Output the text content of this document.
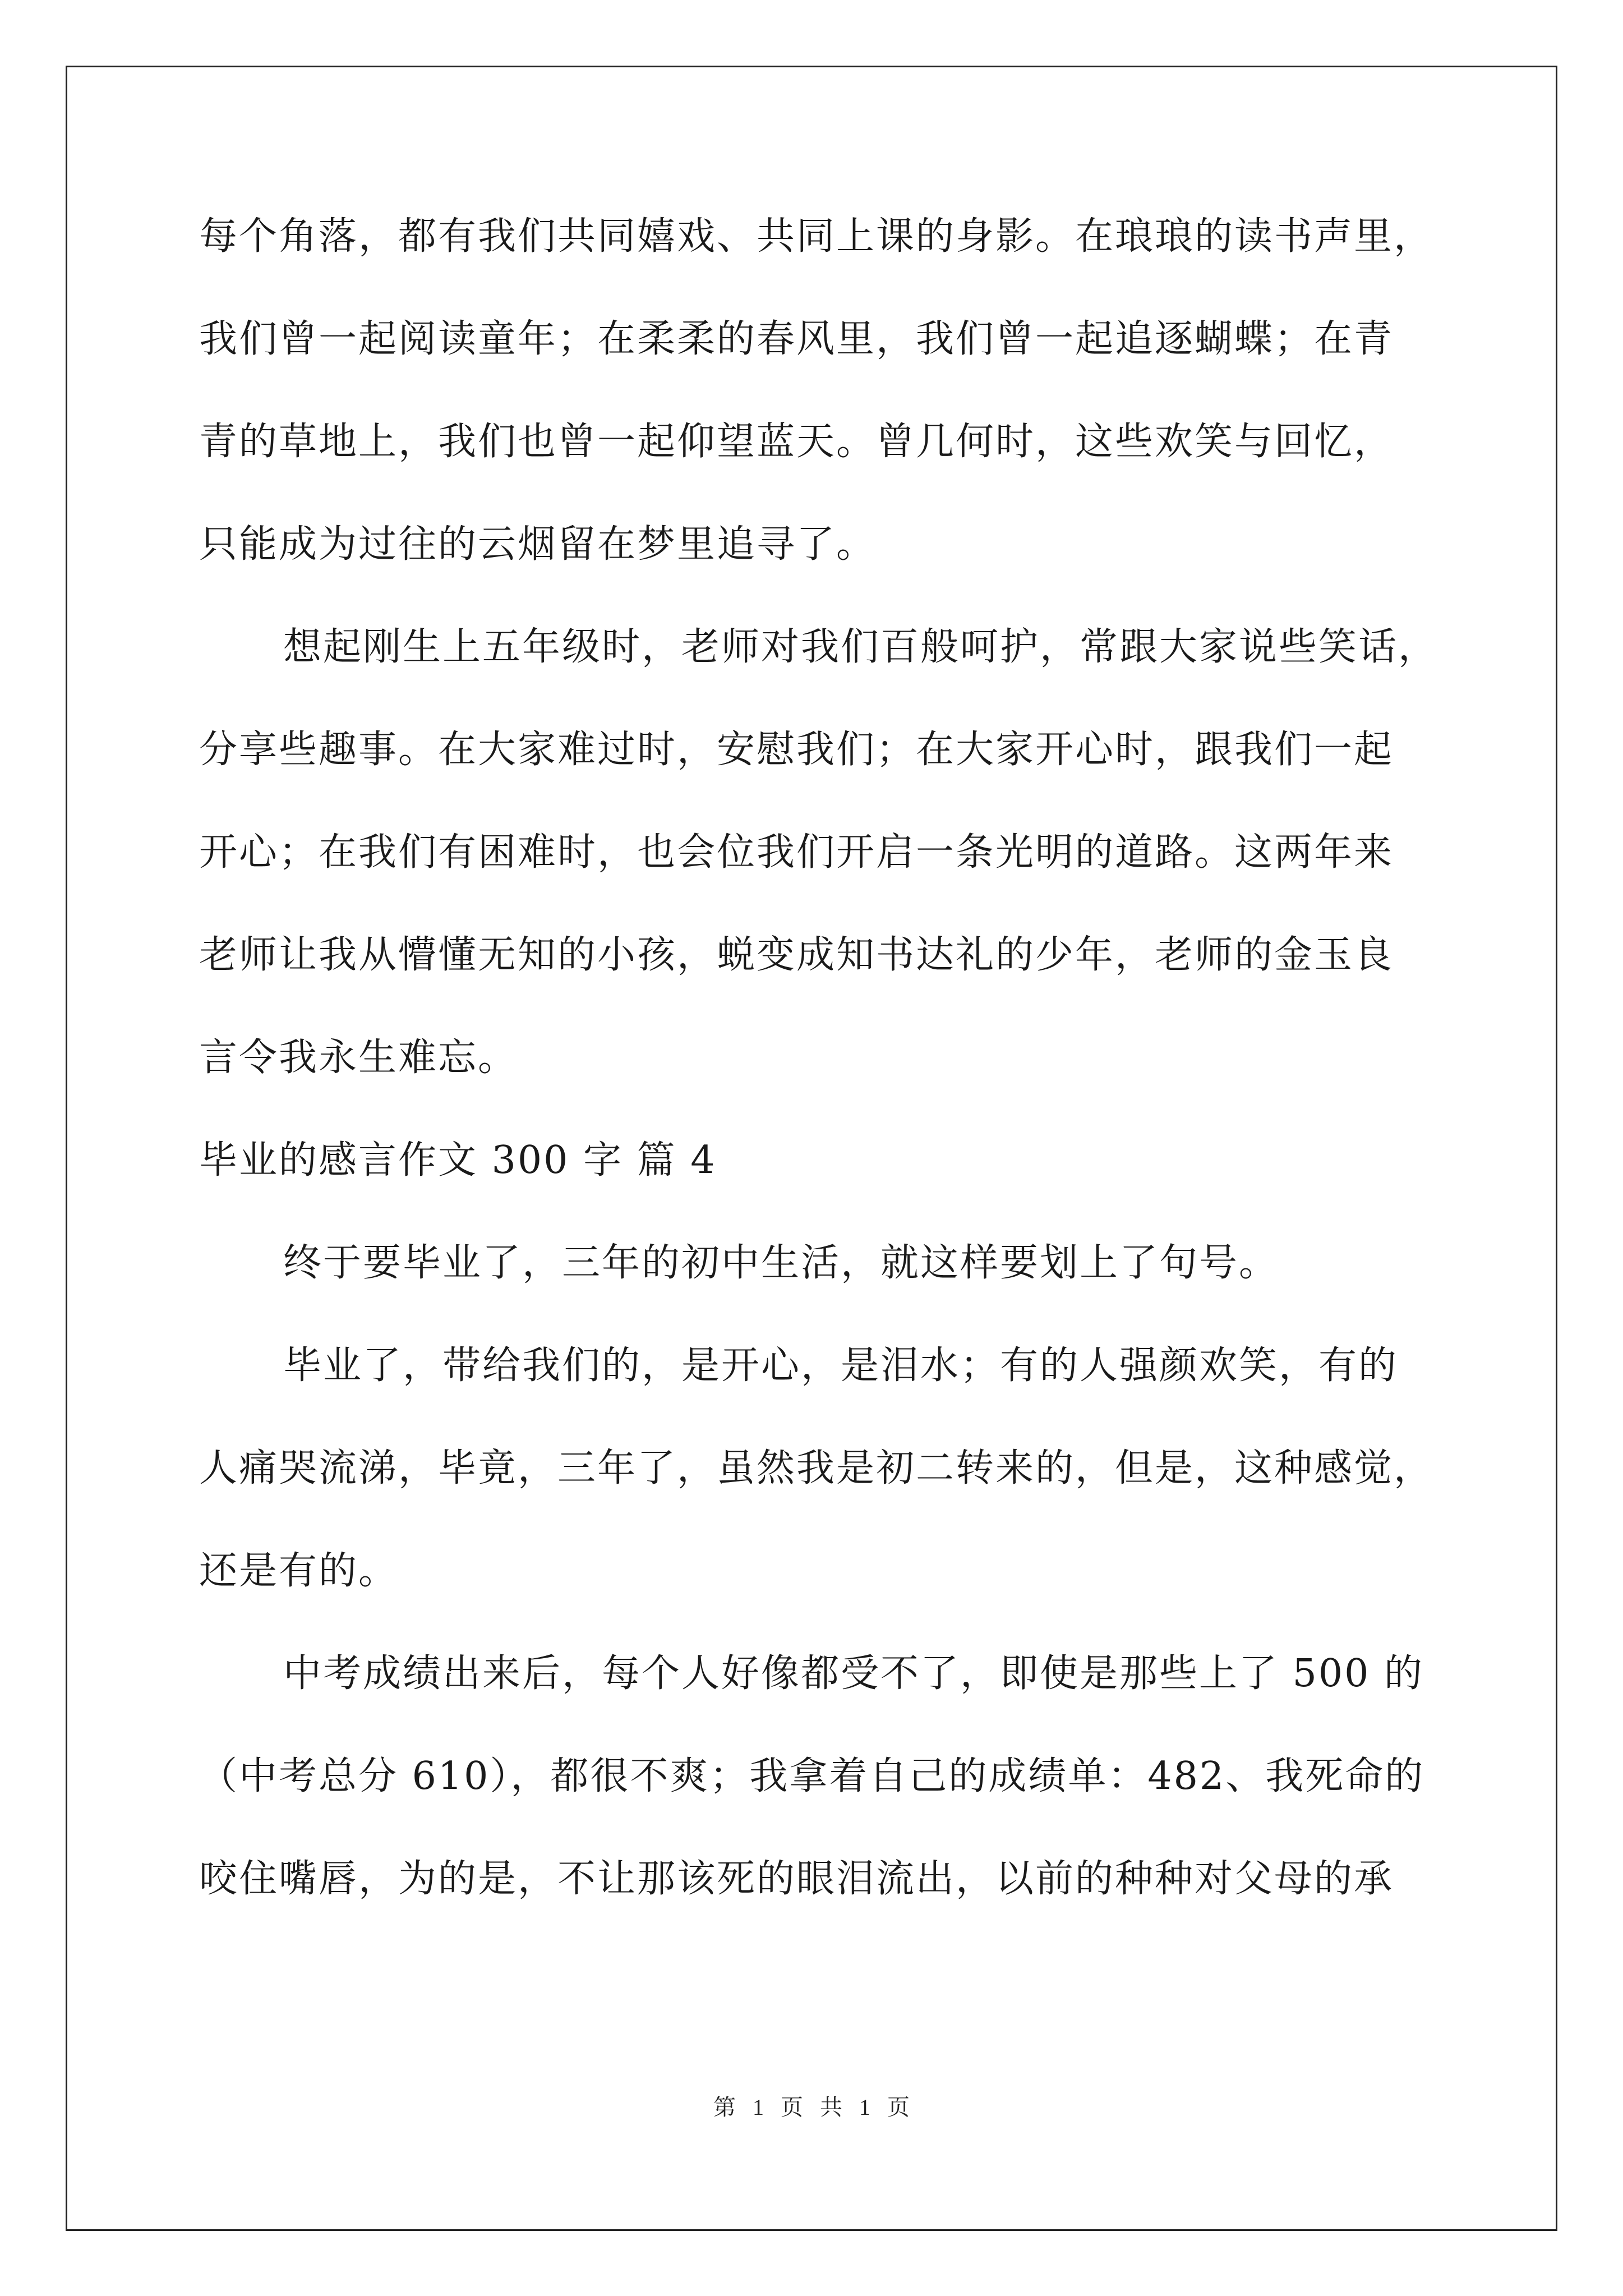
每个角落，都有我们共同嬉戏、共同上课的身影。在琅琅的读书声里，
我们曾一起阅读童年；在柔柔的春风里，我们曾一起追逐蝴蝶；在青
青的草地上，我们也曾一起仰望蓝天。曾几何时，这些欢笑与回忆，
只能成为过往的云烟留在梦里追寻了。
想起刚生上五年级时，老师对我们百般呵护，常跟大家说些笑话，
分享些趣事。在大家难过时，安慰我们；在大家开心时，跟我们一起
开心；在我们有困难时，也会位我们开启一条光明的道路。这两年来
老师让我从懵懂无知的小孩，蜕变成知书达礼的少年，老师的金玉良
言令我永生难忘。
毕业的感言作文 300 字 篇 4
终于要毕业了，三年的初中生活，就这样要划上了句号。
毕业了，带给我们的，是开心，是泪水；有的人强颜欢笑，有的
人痛哭流涕，毕竟，三年了，虽然我是初二转来的，但是，这种感觉，
还是有的。
中考成绩出来后，每个人好像都受不了，即使是那些上了 500 的
（中考总分 610），都很不爽；我拿着自己的成绩单：482、我死命的
咬住嘴唇，为的是，不让那该死的眼泪流出，以前的种种对父母的承
第 1 页 共 1 页
